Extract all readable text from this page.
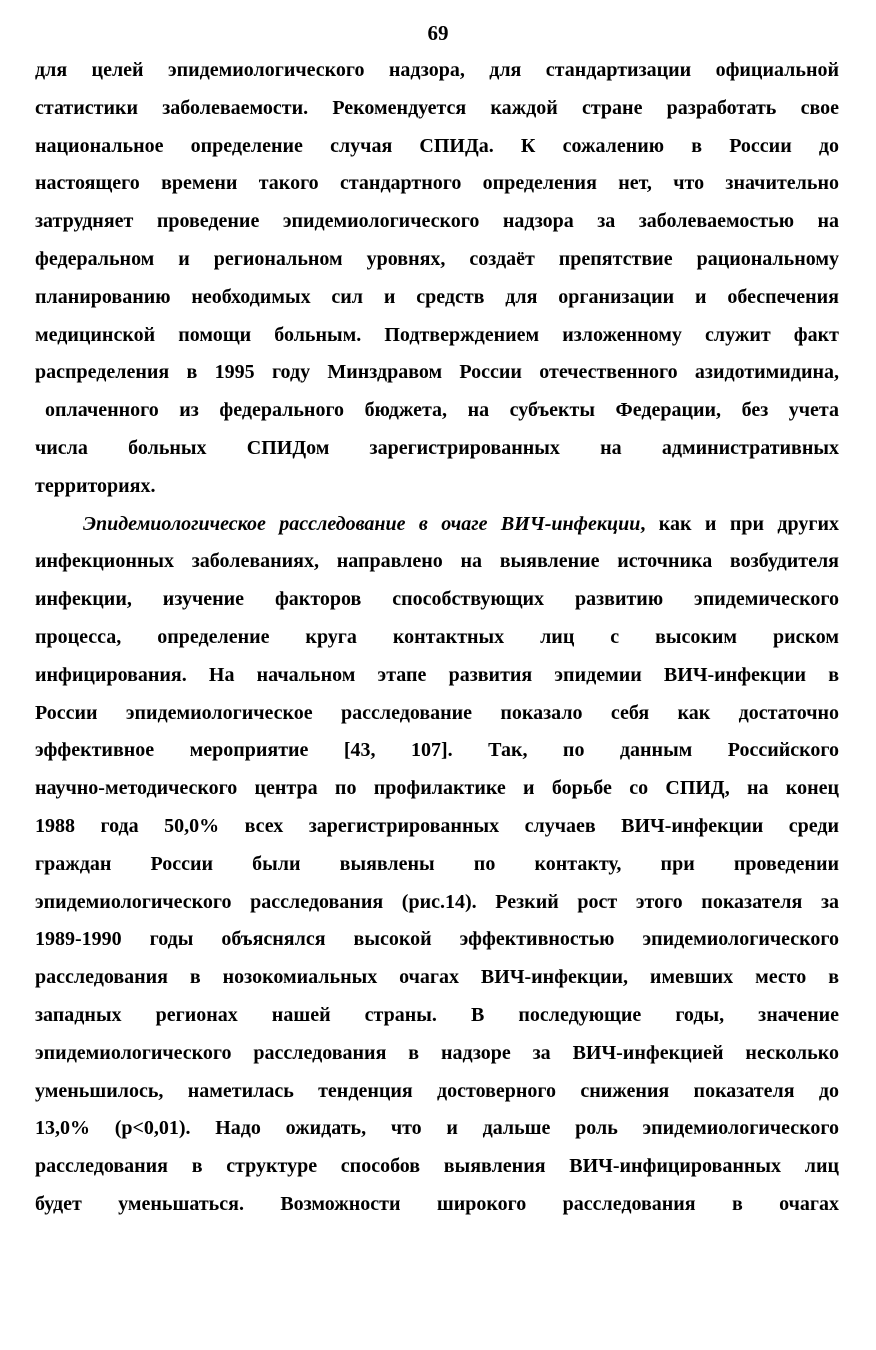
69
для целей эпидемиологического надзора, для стандартизации официальной
статистики заболеваемости. Рекомендуется каждой стране разработать свое
национальное определение случая СПИДа. К сожалению в России до
настоящего времени такого стандартного определения нет, что значительно
затрудняет проведение эпидемиологического надзора за заболеваемостью на
федеральном и региональном уровнях, создаёт препятствие рациональному
планированию необходимых сил и средств для организации и обеспечения
медицинской помощи больным. Подтверждением изложенному служит факт
распределения в 1995 году Минздравом России отечественного азидотимидина,
оплаченного из федерального бюджета, на субъекты Федерации, без учета
числа больных СПИДом зарегистрированных на административных
территориях.
Эпидемиологическое расследование в очаге ВИЧ-инфекции, как и при других
инфекционных заболеваниях, направлено на выявление источника возбудителя
инфекции, изучение факторов способствующих развитию эпидемического
процесса, определение круга контактных лиц с высоким риском
инфицирования. На начальном этапе развития эпидемии ВИЧ-инфекции в
России эпидемиологическое расследование показало себя как достаточно
эффективное мероприятие [43, 107]. Так, по данным Российского
научно-методического центра по профилактике и борьбе со СПИД, на конец
1988 года 50,0% всех зарегистрированных случаев ВИЧ-инфекции среди
граждан России были выявлены по контакту, при проведении
эпидемиологического расследования (рис.14). Резкий рост этого показателя за
1989-1990 годы объяснялся высокой эффективностью эпидемиологического
расследования в нозокомиальных очагах ВИЧ-инфекции, имевших место в
западных регионах нашей страны. В последующие годы, значение
эпидемиологического расследования в надзоре за ВИЧ-инфекцией несколько
уменьшилось, наметилась тенденция достоверного снижения показателя до
13,0% (р<0,01). Надо ожидать, что и дальше роль эпидемиологического
расследования в структуре способов выявления ВИЧ-инфицированных лиц
будет уменьшаться. Возможности широкого расследования в очагах
